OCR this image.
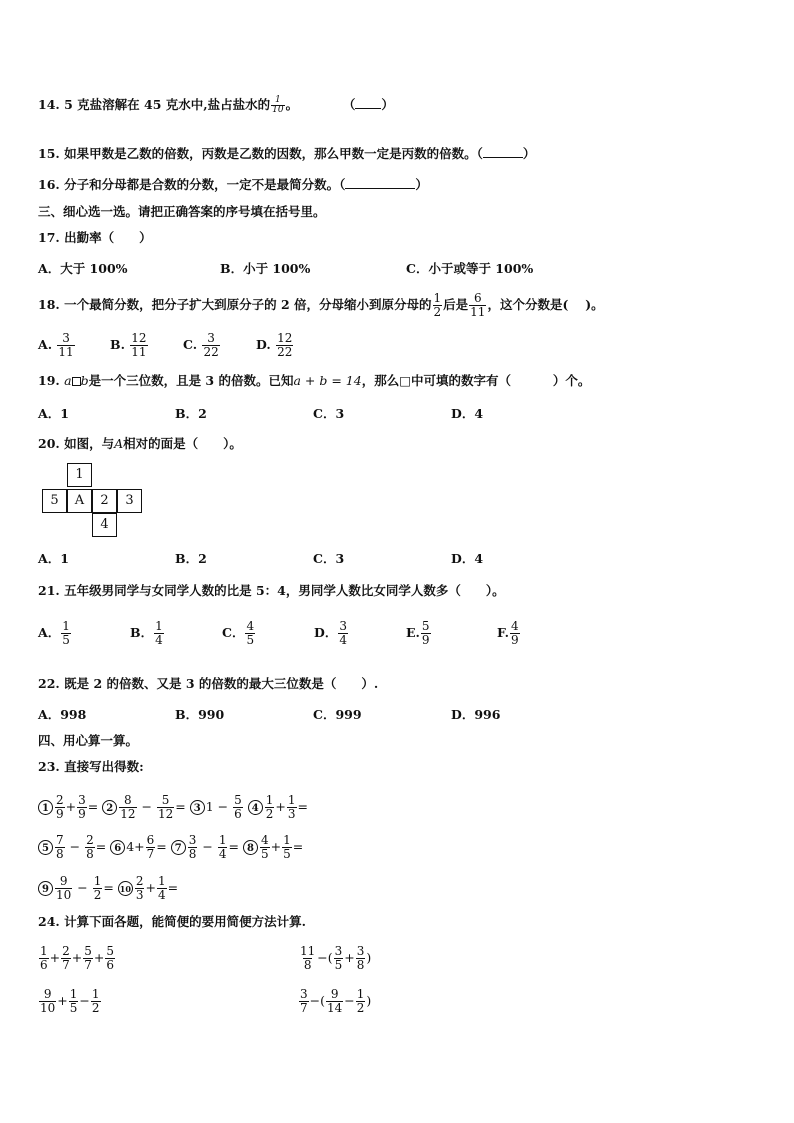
14. 5 克盐溶解在 45 克水中,盐占盐水的 $\frac{1}{10}$ 。	（ ）
15. 如果甲数是乙数的倍数，丙数是乙数的因数，那么甲数一定是丙数的倍数。（	）
16. 分子和分母都是合数的分数，一定不是最简分数。（	）
三、细心选一选。请把正确答案的序号填在括号里。
17. 出勤率（　　）
A．大于 100%	B．小于 100%	C．小于或等于 100%
18. 一个最简分数，把分子扩大到原分子的 2 倍，分母缩小到原分母的 $\frac{1}{2}$ 后是 $\frac{6}{11}$ ，这个分数是(　 )。
A. $\frac{3}{11}$	B. $\frac{12}{11}$	C. $\frac{3}{22}$	D. $\frac{12}{22}$
19. a b是一个三位数，且是 3 的倍数。已知a + b = 14，那么□中可填的数字有（　　　 ）个。
A．1	B．2	C．3	D．4
20. 如图，与A相对的面是（　　）。
1
5	A	2	3
4
A．1	B．2	C．3	D．4
21. 五年级男同学与女同学人数的比是 5：4，男同学人数比女同学人数多（　　）。
A． $\frac{1}{5}$	B． $\frac{1}{4}$	C． $\frac{4}{5}$	D． $\frac{3}{4}$	E. $\frac{5}{9}$	F. $\frac{4}{9}$
22. 既是 2 的倍数、又是 3 的倍数的最大三位数是（　　）.
A．998	B．990	C．999	D．996
四、用心算一算。
23. 直接写出得数:
$1 \frac{2}{9} + \frac{3}{9} = 2 \frac{8}{12} - \frac{5}{12} = 3$ $1 - \frac{5}{6} 4 \frac{1}{2} + \frac{1}{3}$ =
$5 \frac{7}{8} - \frac{2}{8} = 6$ $4+ \frac{6}{7} = 7 \frac{3}{8} - \frac{1}{4} = 8 \frac{4}{5} + \frac{1}{5}$ =
$9 \frac{9}{10} - \frac{1}{2} = 10 \frac{2}{3} + \frac{1}{4}$ =
24. 计算下面各题，能简便的要用简便方法计算.
$\frac{1}{6} + \frac{2}{7} + \frac{5}{7} + \frac{5}{6}$	$\frac{11}{8}$ −( $\frac{3}{5} + \frac{3}{8}$ )
$\frac{9}{10} + \frac{1}{5} - \frac{1}{2}$	$\frac{3}{7}$ −( $\frac{9}{14} - \frac{1}{2}$ )
